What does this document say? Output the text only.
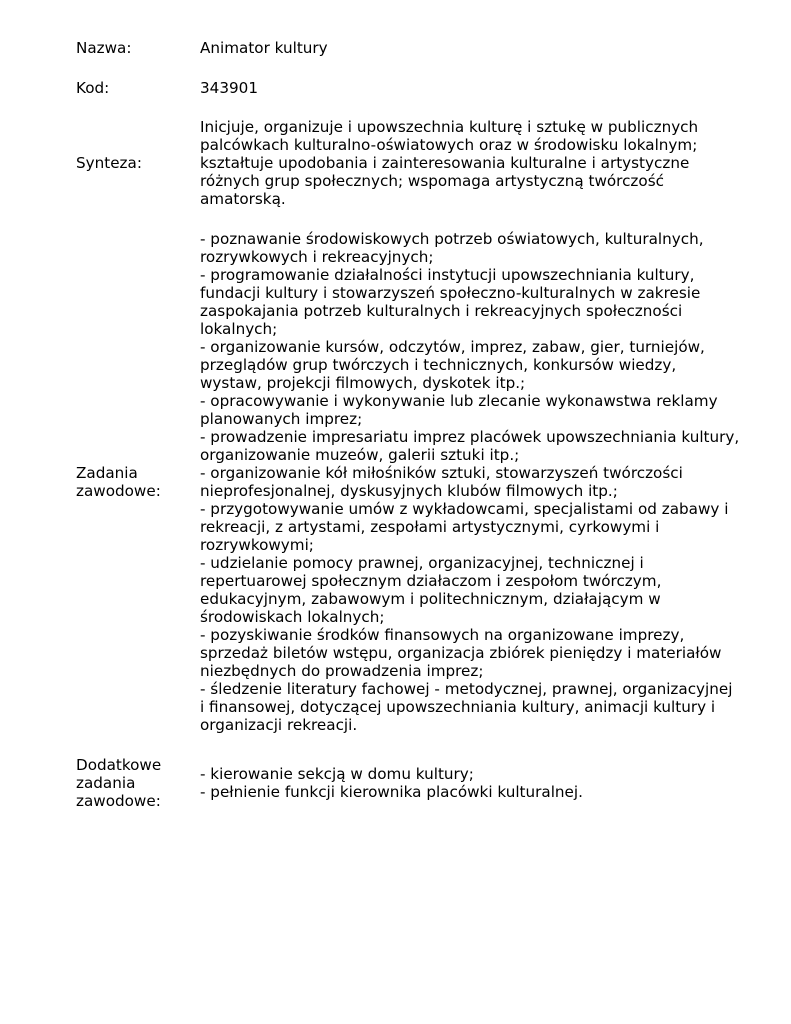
Nazwa:	Animator kultury
Kod:	343901
Synteza:
Inicjuje, organizuje i upowszechnia kulturę i sztukę w publicznych
palcówkach kulturalno-oświatowych oraz w środowisku lokalnym;
kształtuje upodobania i zainteresowania kulturalne i artystyczne
różnych grup społecznych; wspomaga artystyczną twórczość
amatorską.
Zadania
zawodowe:
- poznawanie środowiskowych potrzeb oświatowych, kulturalnych,
rozrywkowych i rekreacyjnych;
- programowanie działalności instytucji upowszechniania kultury,
fundacji kultury i stowarzyszeń społeczno-kulturalnych w zakresie
zaspokajania potrzeb kulturalnych i rekreacyjnych społeczności
lokalnych;
- organizowanie kursów, odczytów, imprez, zabaw, gier, turniejów,
przeglądów grup twórczych i technicznych, konkursów wiedzy,
wystaw, projekcji filmowych, dyskotek itp.;
- opracowywanie i wykonywanie lub zlecanie wykonawstwa reklamy
planowanych imprez;
- prowadzenie impresariatu imprez placówek upowszechniania kultury,
organizowanie muzeów, galerii sztuki itp.;
- organizowanie kół miłośników sztuki, stowarzyszeń twórczości
nieprofesjonalnej, dyskusyjnych klubów filmowych itp.;
- przygotowywanie umów z wykładowcami, specjalistami od zabawy i
rekreacji, z artystami, zespołami artystycznymi, cyrkowymi i
rozrywkowymi;
- udzielanie pomocy prawnej, organizacyjnej, technicznej i
repertuarowej społecznym działaczom i zespołom twórczym,
edukacyjnym, zabawowym i politechnicznym, działającym w
środowiskach lokalnych;
- pozyskiwanie środków finansowych na organizowane imprezy,
sprzedaż biletów wstępu, organizacja zbiórek pieniędzy i materiałów
niezbędnych do prowadzenia imprez;
- śledzenie literatury fachowej - metodycznej, prawnej, organizacyjnej
i finansowej, dotyczącej upowszechniania kultury, animacji kultury i
organizacji rekreacji.
Dodatkowe
zadania
zawodowe:
- kierowanie sekcją w domu kultury;
- pełnienie funkcji kierownika placówki kulturalnej.
